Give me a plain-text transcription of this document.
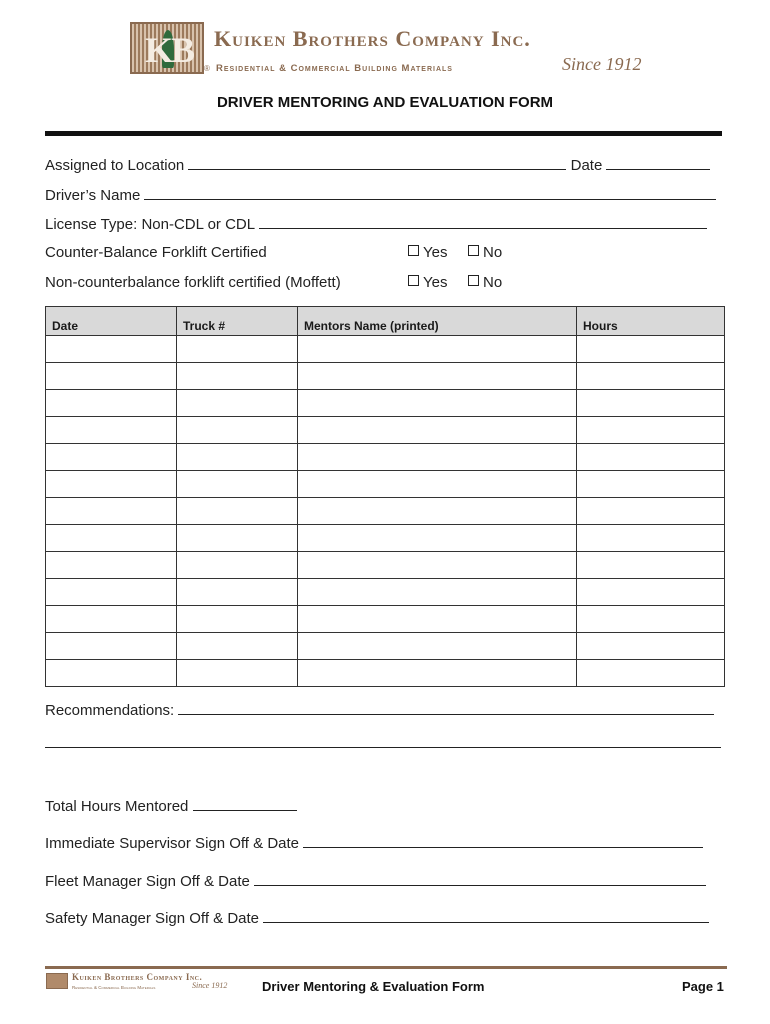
KB Kuiken Brothers Company Inc.
® Residential & Commercial Building Materials	Since 1912
DRIVER MENTORING AND EVALUATION FORM
Assigned to Location	Date
Driver’s Name
License Type: Non-CDL or CDL
Counter-Balance Forklift Certified	Yes	No
Non-counterbalance forklift certified (Moffett)	Yes	No
Date	Truck #	Mentors Name (printed)	Hours

Recommendations:
Total Hours Mentored
Immediate Supervisor Sign Off & Date
Fleet Manager Sign Off & Date
Safety Manager Sign Off & Date
Kuiken Brothers Company Inc.
Residential & Commercial Building Materials	Since 1912	Driver Mentoring & Evaluation Form	Page 1
